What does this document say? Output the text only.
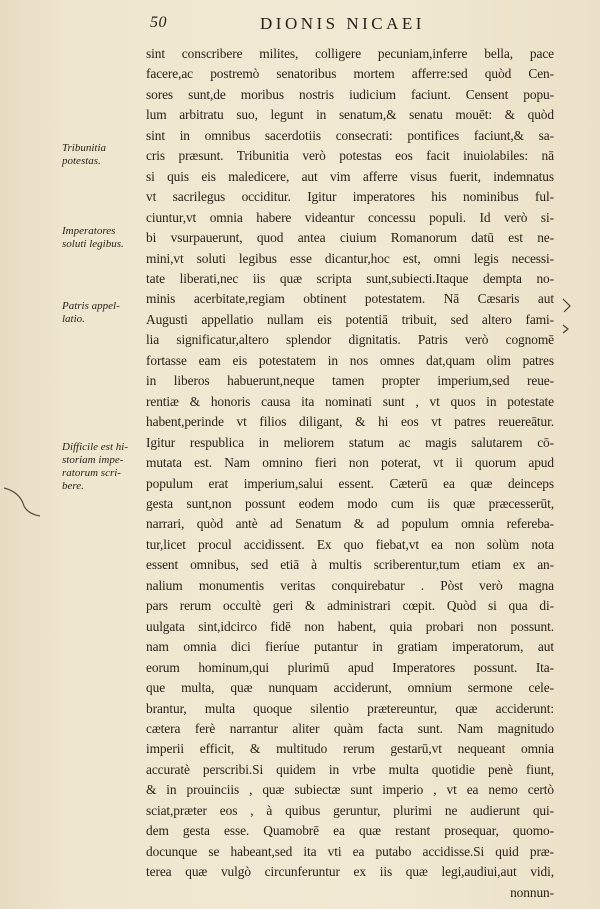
50	DIONIS NICAEI
Tribunitia
potestas.
Imperatores
soluti legibus.
Patris appel-
latio.
Difficile est hi-
storiam impe-
ratorum scri-
bere.
sint conscribere milites, colligere pecuniam,inferre bella, pace
facere,ac postremò senatoribus mortem afferre:sed quòd Cen-
sores sunt,de moribus nostris iudicium faciunt. Censent popu-
lum arbitratu suo, legunt in senatum,& senatu mouēt: & quòd
sint in omnibus sacerdotiis consecrati: pontifices faciunt,& sa-
cris præsunt. Tribunitia verò potestas eos facit inuiolabiles: nā
si quis eis maledicere, aut vim afferre visus fuerit, indemnatus
vt sacrilegus occiditur. Igitur imperatores his nominibus ful-
ciuntur,vt omnia habere videantur concessu populi. Id verò si-
bi vsurpauerunt, quod antea ciuium Romanorum datū est ne-
mini,vt soluti legibus esse dicantur,hoc est, omni legis necessi-
tate liberati,nec iis quæ scripta sunt,subiecti.Itaque dempta no-
minis acerbitate,regiam obtinent potestatem. Nā Cæsaris aut
Augusti appellatio nullam eis potentiā tribuit, sed altero fami-
lia significatur,altero splendor dignitatis. Patris verò cognomē
fortasse eam eis potestatem in nos omnes dat,quam olim patres
in liberos habuerunt,neque tamen propter imperium,sed reue-
rentiæ & honoris causa ita nominati sunt , vt quos in potestate
habent,perinde vt filios diligant, & hi eos vt patres reuereātur.
Igitur respublica in meliorem statum ac magis salutarem cō-
mutata est. Nam omnino fieri non poterat, vt ii quorum apud
populum erat imperium,salui essent. Cæterū ea quæ deinceps
gesta sunt,non possunt eodem modo cum iis quæ præcesserūt,
narrari, quòd antè ad Senatum & ad populum omnia refereba-
tur,licet procul accidissent. Ex quo fiebat,vt ea non solùm nota
essent omnibus, sed etiā à multis scriberentur,tum etiam ex an-
nalium monumentis veritas conquirebatur . Pòst verò magna
pars rerum occultè geri & administrari cœpit. Quòd si qua di-
uulgata sint,idcirco fidē non habent, quia probari non possunt.
nam omnia dici fieríue putantur in gratiam imperatorum, aut
eorum hominum,qui plurimū apud Imperatores possunt. Ita-
que multa, quæ nunquam acciderunt, omnium sermone cele-
brantur, multa quoque silentio prætereuntur, quæ acciderunt:
cætera ferè narrantur aliter quàm facta sunt. Nam magnitudo
imperii efficit, & multitudo rerum gestarū,vt nequeant omnia
accuratè perscribi.Si quidem in vrbe multa quotidie penè fiunt,
& in prouinciis , quæ subiectæ sunt imperio , vt ea nemo certò
sciat,præter eos , à quibus geruntur, plurimi ne audierunt qui-
dem gesta esse. Quamobrē ea quæ restant prosequar, quomo-
docunque se habeant,sed ita vti ea putabo accidisse.Si quid præ-
terea quæ vulgò circunferuntur ex iis quæ legi,audiui,aut vidi,
nonnun-
